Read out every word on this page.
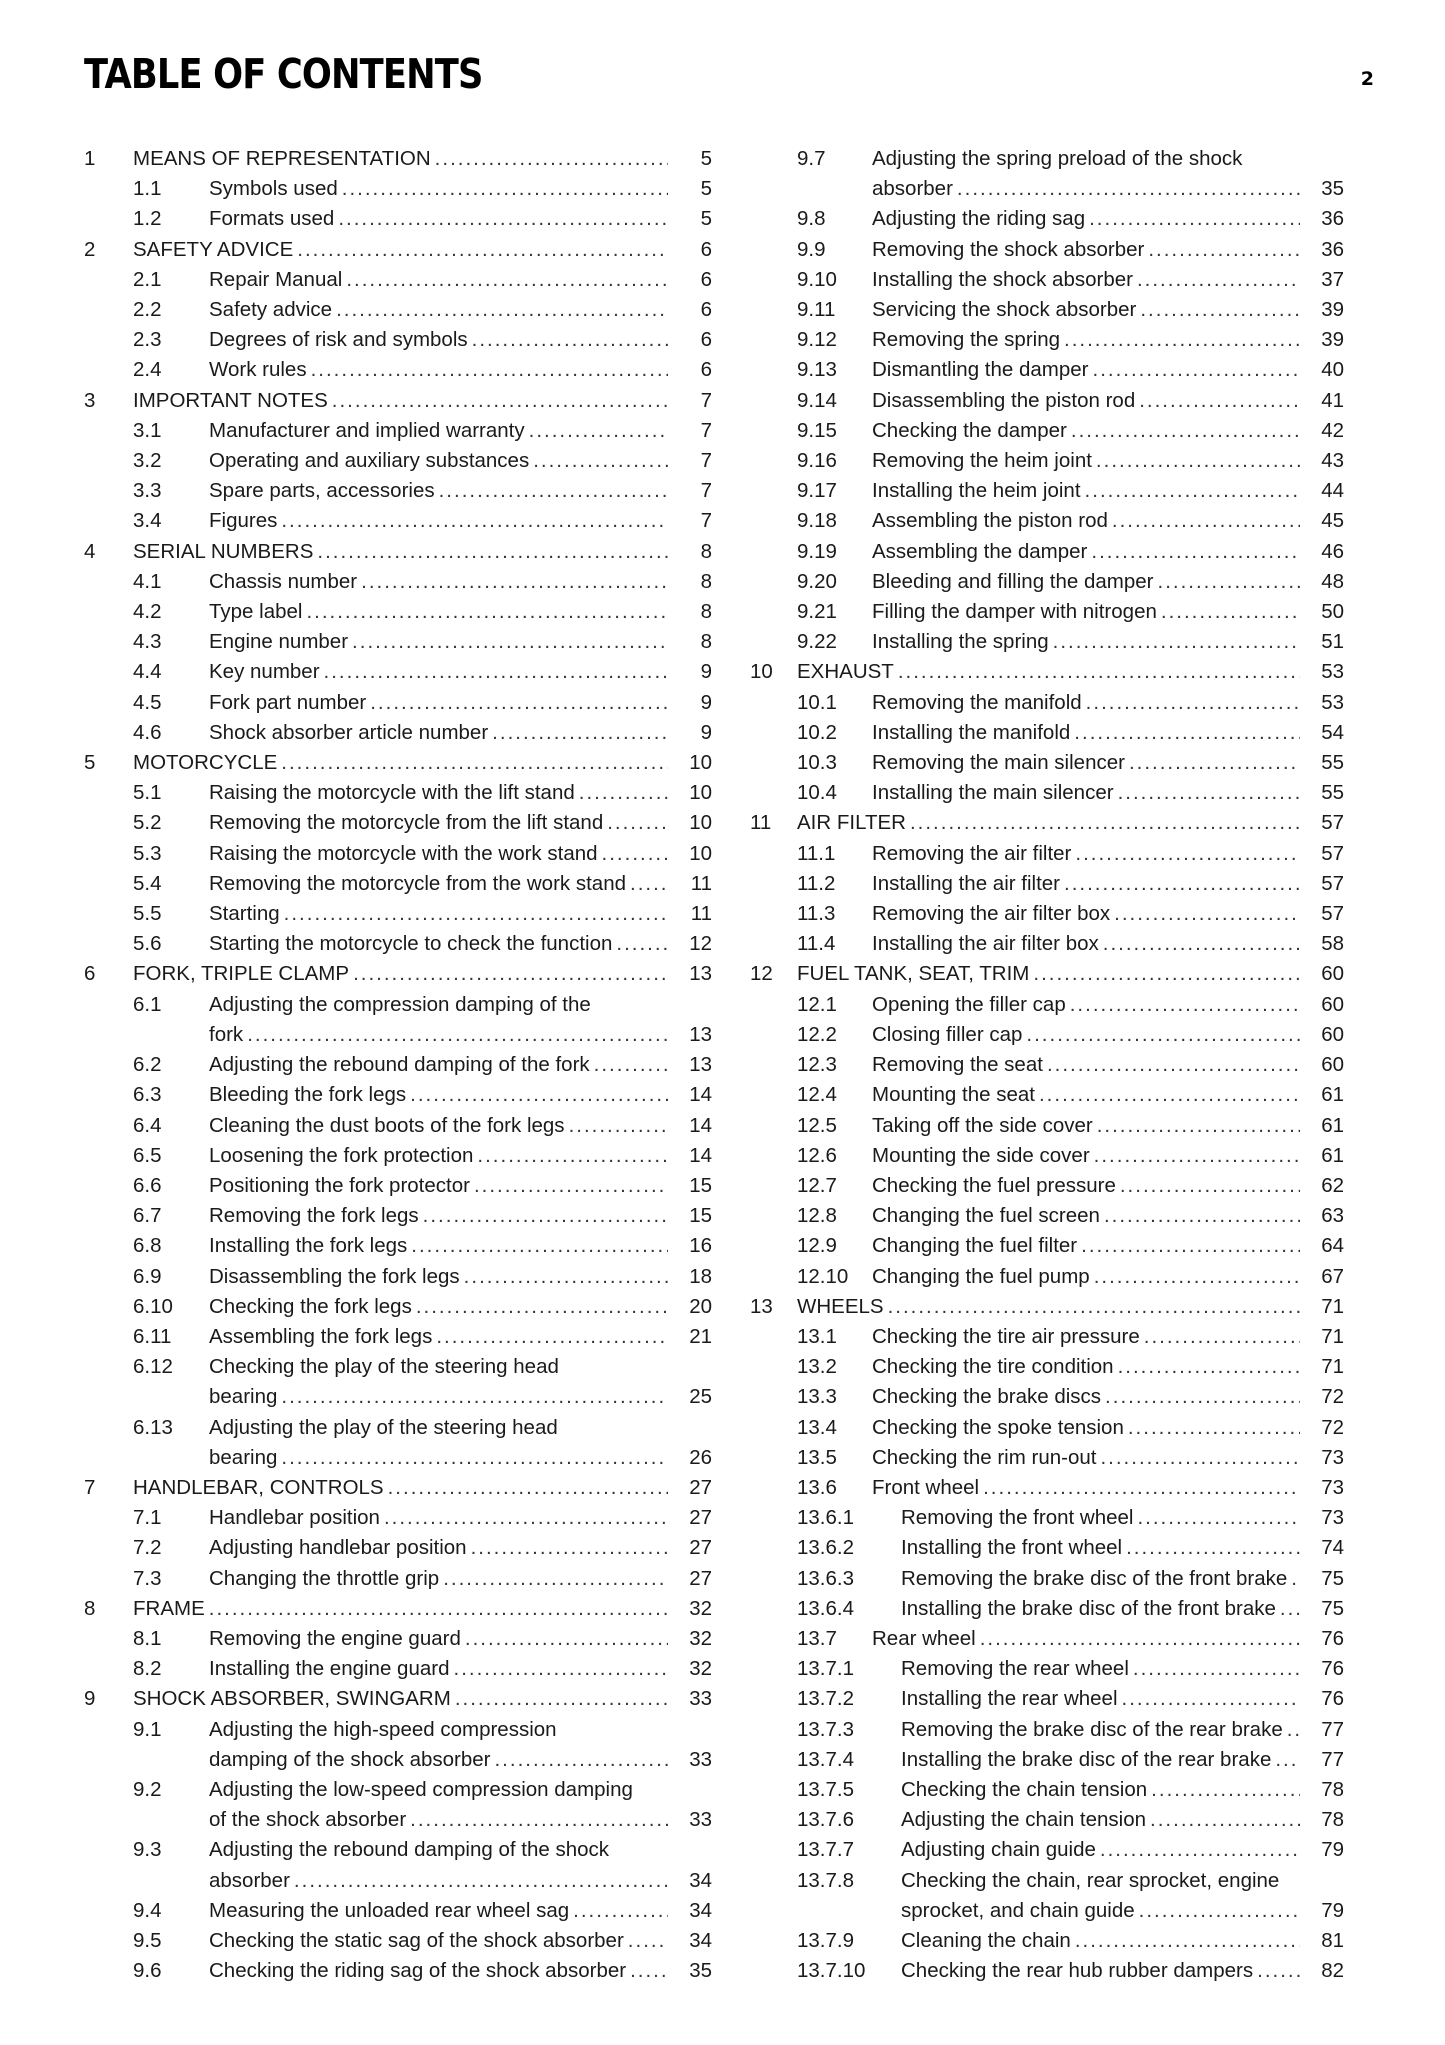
TABLE OF CONTENTS	2
1 MEANS OF REPRESENTATION .....	5
1.1 Symbols used .....	5
1.2 Formats used .....	5
2 SAFETY ADVICE .....	6
2.1 Repair Manual .....	6
2.2 Safety advice .....	6
2.3 Degrees of risk and symbols .....	6
2.4 Work rules .....	6
3 IMPORTANT NOTES .....	7
3.1 Manufacturer and implied warranty .....	7
3.2 Operating and auxiliary substances .....	7
3.3 Spare parts, accessories .....	7
3.4 Figures .....	7
4 SERIAL NUMBERS .....	8
4.1 Chassis number .....	8
4.2 Type label .....	8
4.3 Engine number .....	8
4.4 Key number .....	9
4.5 Fork part number .....	9
4.6 Shock absorber article number .....	9
5 MOTORCYCLE .....	10
5.1 Raising the motorcycle with the lift stand .....	10
5.2 Removing the motorcycle from the lift stand .....	10
5.3 Raising the motorcycle with the work stand .....	10
5.4 Removing the motorcycle from the work stand .....	11
5.5 Starting .....	11
5.6 Starting the motorcycle to check the function .....	12
6 FORK, TRIPLE CLAMP .....	13
6.1 Adjusting the compression damping of the
fork .....	13
6.2 Adjusting the rebound damping of the fork .....	13
6.3 Bleeding the fork legs .....	14
6.4 Cleaning the dust boots of the fork legs .....	14
6.5 Loosening the fork protection .....	14
6.6 Positioning the fork protector .....	15
6.7 Removing the fork legs .....	15
6.8 Installing the fork legs .....	16
6.9 Disassembling the fork legs .....	18
6.10 Checking the fork legs .....	20
6.11 Assembling the fork legs .....	21
6.12 Checking the play of the steering head
bearing .....	25
6.13 Adjusting the play of the steering head
bearing .....	26
7 HANDLEBAR, CONTROLS .....	27
7.1 Handlebar position .....	27
7.2 Adjusting handlebar position .....	27
7.3 Changing the throttle grip .....	27
8 FRAME .....	32
8.1 Removing the engine guard .....	32
8.2 Installing the engine guard .....	32
9 SHOCK ABSORBER, SWINGARM .....	33
9.1 Adjusting the high-speed compression
damping of the shock absorber .....	33
9.2 Adjusting the low-speed compression damping
of the shock absorber .....	33
9.3 Adjusting the rebound damping of the shock
absorber .....	34
9.4 Measuring the unloaded rear wheel sag .....	34
9.5 Checking the static sag of the shock absorber .....	34
9.6 Checking the riding sag of the shock absorber .....	35
9.7 Adjusting the spring preload of the shock
absorber .....	35
9.8 Adjusting the riding sag .....	36
9.9 Removing the shock absorber .....	36
9.10 Installing the shock absorber .....	37
9.11 Servicing the shock absorber .....	39
9.12 Removing the spring .....	39
9.13 Dismantling the damper .....	40
9.14 Disassembling the piston rod .....	41
9.15 Checking the damper .....	42
9.16 Removing the heim joint .....	43
9.17 Installing the heim joint .....	44
9.18 Assembling the piston rod .....	45
9.19 Assembling the damper .....	46
9.20 Bleeding and filling the damper .....	48
9.21 Filling the damper with nitrogen .....	50
9.22 Installing the spring .....	51
10 EXHAUST .....	53
10.1 Removing the manifold .....	53
10.2 Installing the manifold .....	54
10.3 Removing the main silencer .....	55
10.4 Installing the main silencer .....	55
11 AIR FILTER .....	57
11.1 Removing the air filter .....	57
11.2 Installing the air filter .....	57
11.3 Removing the air filter box .....	57
11.4 Installing the air filter box .....	58
12 FUEL TANK, SEAT, TRIM .....	60
12.1 Opening the filler cap .....	60
12.2 Closing filler cap .....	60
12.3 Removing the seat .....	60
12.4 Mounting the seat .....	61
12.5 Taking off the side cover .....	61
12.6 Mounting the side cover .....	61
12.7 Checking the fuel pressure .....	62
12.8 Changing the fuel screen .....	63
12.9 Changing the fuel filter .....	64
12.10 Changing the fuel pump .....	67
13 WHEELS .....	71
13.1 Checking the tire air pressure .....	71
13.2 Checking the tire condition .....	71
13.3 Checking the brake discs .....	72
13.4 Checking the spoke tension .....	72
13.5 Checking the rim run-out .....	73
13.6 Front wheel .....	73
13.6.1 Removing the front wheel .....	73
13.6.2 Installing the front wheel .....	74
13.6.3 Removing the brake disc of the front brake ..... 75
13.6.4 Installing the brake disc of the front brake ..... 75
13.7 Rear wheel .....	76
13.7.1 Removing the rear wheel .....	76
13.7.2 Installing the rear wheel .....	76
13.7.3 Removing the brake disc of the rear brake ..... 77
13.7.4 Installing the brake disc of the rear brake ..... 77
13.7.5 Checking the chain tension .....	78
13.7.6 Adjusting the chain tension .....	78
13.7.7 Adjusting chain guide .....	79
13.7.8 Checking the chain, rear sprocket, engine
sprocket, and chain guide .....	79
13.7.9 Cleaning the chain .....	81
13.7.10 Checking the rear hub rubber dampers .....	82
